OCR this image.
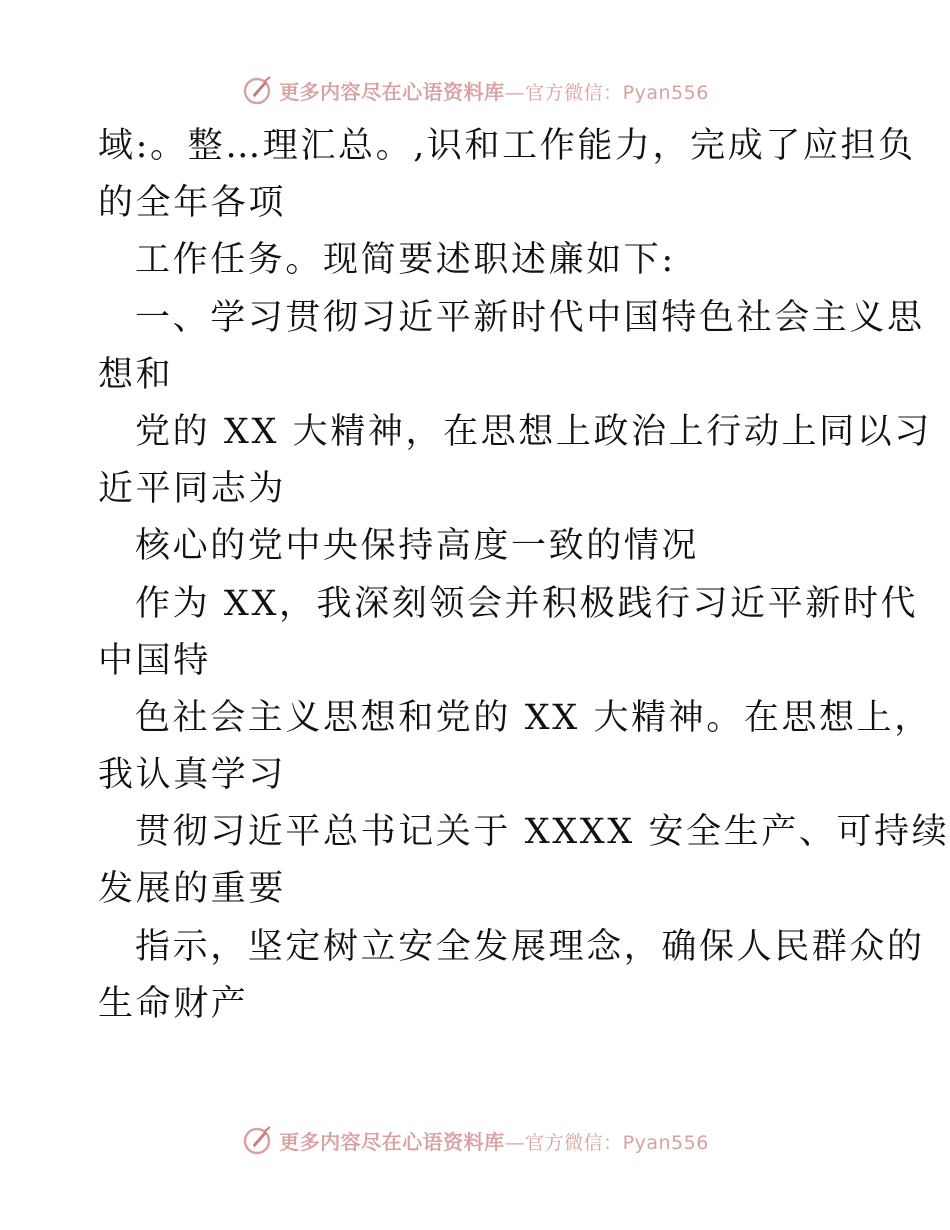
更多内容尽在心语资料库—官方微信：Pyan556
域:。整…理汇总。,识和工作能力，完成了应担负
的全年各项
工作任务。现简要述职述廉如下:
一、学习贯彻习近平新时代中国特色社会主义思
想和
党的 XX 大精神，在思想上政治上行动上同以习
近平同志为
核心的党中央保持高度一致的情况
作为 XX，我深刻领会并积极践行习近平新时代
中国特
色社会主义思想和党的 XX 大精神。在思想上，
我认真学习
贯彻习近平总书记关于 XXXX 安全生产、可持续
发展的重要
指示，坚定树立安全发展理念，确保人民群众的
生命财产
更多内容尽在心语资料库—官方微信：Pyan556
